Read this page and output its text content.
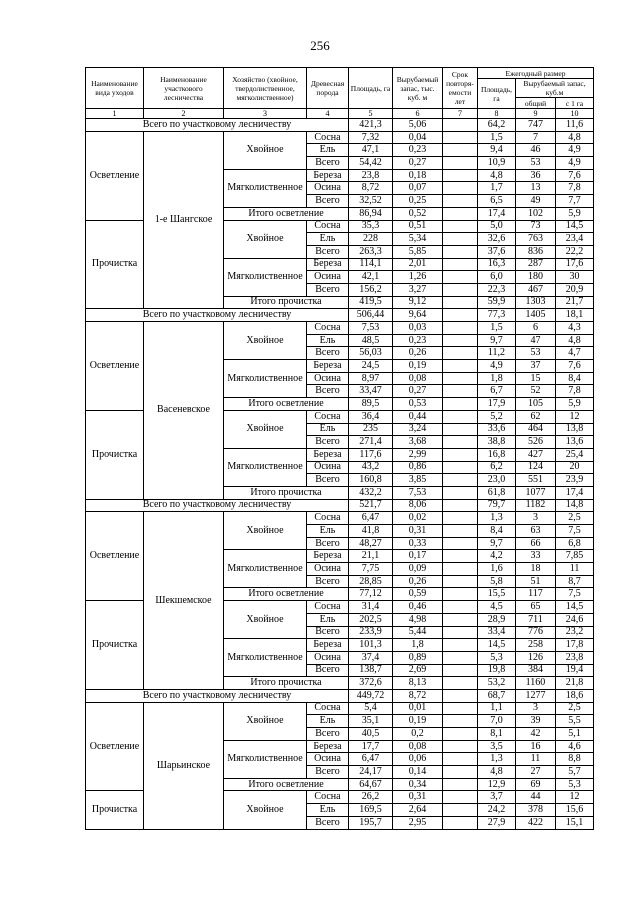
256
Наименование вида уходов	Наименование участкового лесничества	Хозяйство (хвойное, твердолиственное, мягколиственное)	Древесная порода	Площадь, га	Вырубаемый запас, тыс. куб. м	Срок повторя-емости лет	Ежегодный размер		
							Площадь, га	Вырубаемый запас, куб.м	
								общий	с 1 га
1	2	3	4	5	6	7	8	9	10
Всего по участковому лесничеству				421,3	5,06		64,2	747	11,6
Осветление	1-е Шангское	Хвойное	Сосна	7,32	0,04		1,5	7	4,8
			Ель	47,1	0,23		9,4	46	4,9
			Всего	54,42	0,27		10,9	53	4,9
		Мягколиственное	Береза	23,8	0,18		4,8	36	7,6
			Осина	8,72	0,07		1,7	13	7,8
			Всего	32,52	0,25		6,5	49	7,7
		Итого осветление		86,94	0,52		17,4	102	5,9
Прочистка		Хвойное	Сосна	35,3	0,51		5,0	73	14,5
			Ель	228	5,34		32,6	763	23,4
			Всего	263,3	5,85		37,6	836	22,2
		Мягколиственное	Береза	114,1	2,01		16,3	287	17,6
			Осина	42,1	1,26		6,0	180	30
			Всего	156,2	3,27		22,3	467	20,9
		Итого прочистка		419,5	9,12		59,9	1303	21,7
Всего по участковому лесничеству				506,44	9,64		77,3	1405	18,1
Осветление	Васеневское	Хвойное	Сосна	7,53	0,03		1,5	6	4,3
			Ель	48,5	0,23		9,7	47	4,8
			Всего	56,03	0,26		11,2	53	4,7
		Мягколиственное	Береза	24,5	0,19		4,9	37	7,6
			Осина	8,97	0,08		1,8	15	8,4
			Всего	33,47	0,27		6,7	52	7,8
		Итого осветление		89,5	0,53		17,9	105	5,9
Прочистка		Хвойное	Сосна	36,4	0,44		5,2	62	12
			Ель	235	3,24		33,6	464	13,8
			Всего	271,4	3,68		38,8	526	13,6
		Мягколиственное	Береза	117,6	2,99		16,8	427	25,4
			Осина	43,2	0,86		6,2	124	20
			Всего	160,8	3,85		23,0	551	23,9
		Итого прочистка		432,2	7,53		61,8	1077	17,4
Всего по участковому лесничеству				521,7	8,06		79,7	1182	14,8
Осветление	Шекшемское	Хвойное	Сосна	6,47	0,02		1,3	3	2,5
			Ель	41,8	0,31		8,4	63	7,5
			Всего	48,27	0,33		9,7	66	6,8
		Мягколиственное	Береза	21,1	0,17		4,2	33	7,85
			Осина	7,75	0,09		1,6	18	11
			Всего	28,85	0,26		5,8	51	8,7
		Итого осветление		77,12	0,59		15,5	117	7,5
Прочистка		Хвойное	Сосна	31,4	0,46		4,5	65	14,5
			Ель	202,5	4,98		28,9	711	24,6
			Всего	233,9	5,44		33,4	776	23,2
		Мягколиственное	Береза	101,3	1,8		14,5	258	17,8
			Осина	37,4	0,89		5,3	126	23,8
			Всего	138,7	2,69		19,8	384	19,4
		Итого прочистка		372,6	8,13		53,2	1160	21,8
Всего по участковому лесничеству				449,72	8,72		68,7	1277	18,6
Осветление	Шарьинское	Хвойное	Сосна	5,4	0,01		1,1	3	2,5
			Ель	35,1	0,19		7,0	39	5,5
			Всего	40,5	0,2		8,1	42	5,1
		Мягколиственное	Береза	17,7	0,08		3,5	16	4,6
			Осина	6,47	0,06		1,3	11	8,8
			Всего	24,17	0,14		4,8	27	5,7
		Итого осветление		64,67	0,34		12,9	69	5,3
Прочистка		Хвойное	Сосна	26,2	0,31		3,7	44	12
			Ель	169,5	2,64		24,2	378	15,6
			Всего	195,7	2,95		27,9	422	15,1
